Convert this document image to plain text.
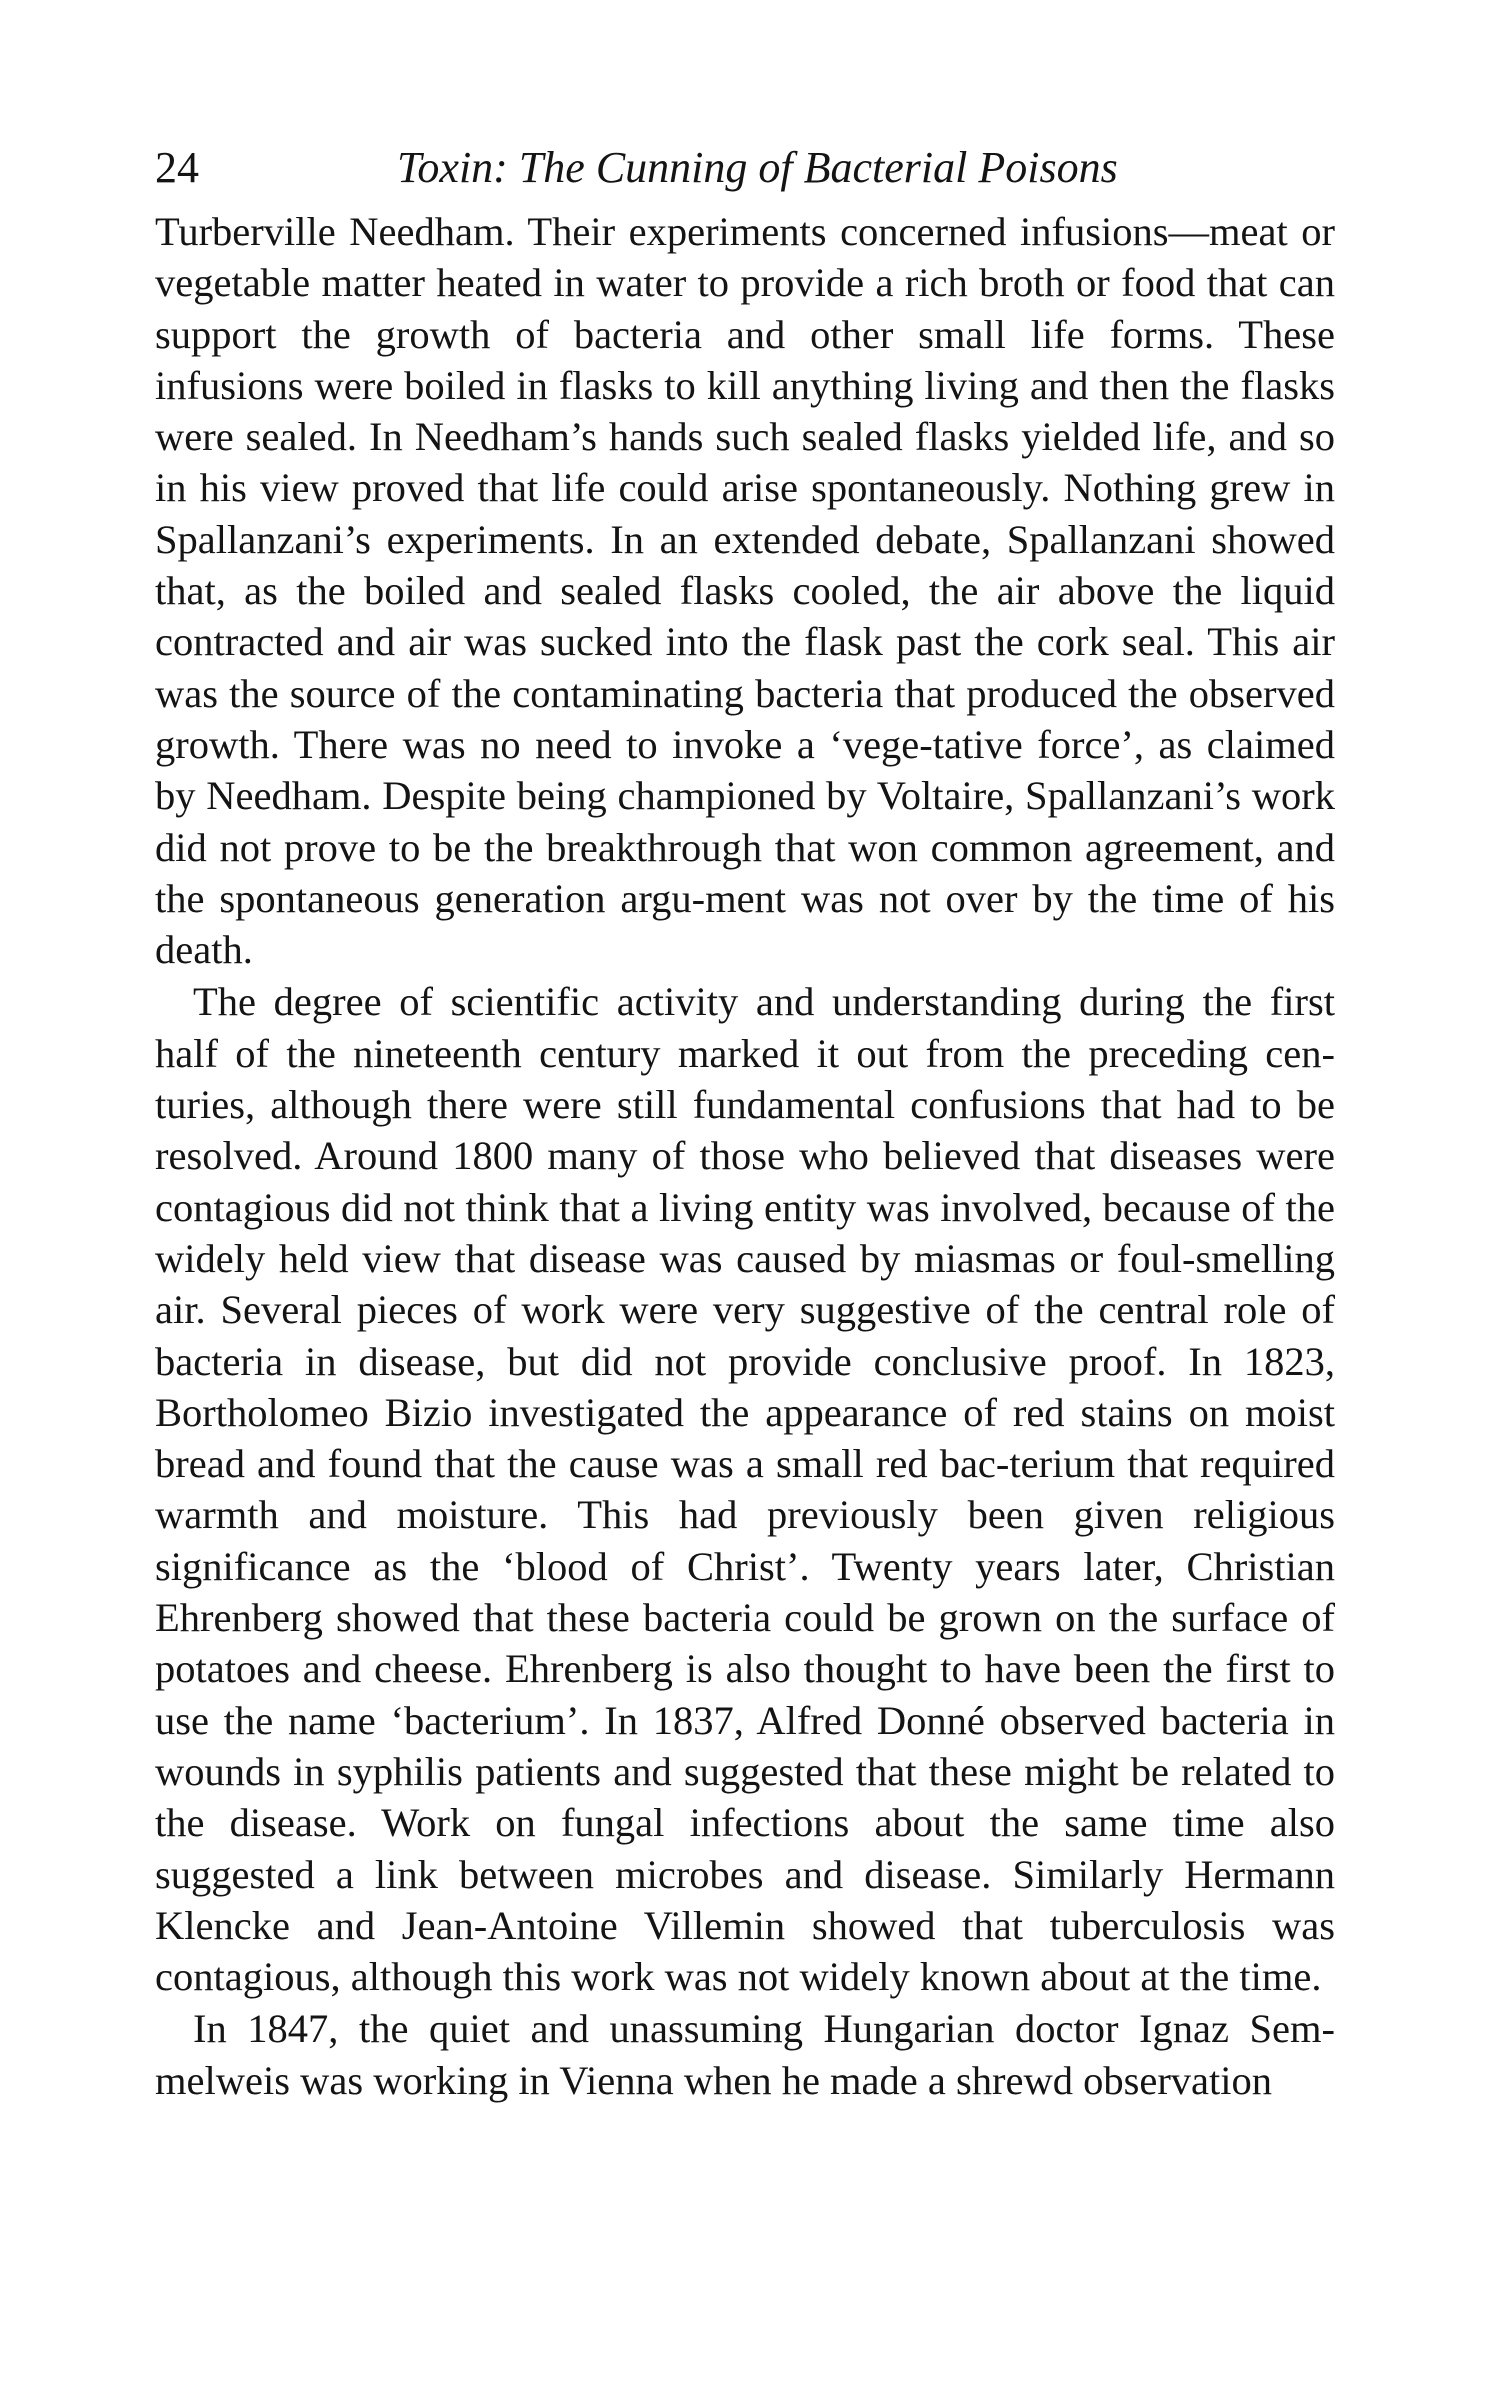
24	Toxin: The Cunning of Bacterial Poisons

Turberville Needham. Their experiments concerned infusions—meat or vegetable matter heated in water to provide a rich broth or food that can support the growth of bacteria and other small life forms. These infusions were boiled in flasks to kill anything living and then the flasks were sealed. In Needham’s hands such sealed flasks yielded life, and so in his view proved that life could arise spontaneously. Nothing grew in Spallanzani’s experiments. In an extended debate, Spallanzani showed that, as the boiled and sealed flasks cooled, the air above the liquid contracted and air was sucked into the flask past the cork seal. This air was the source of the contaminating bacteria that produced the observed growth. There was no need to invoke a ‘vege-tative force’, as claimed by Needham. Despite being championed by Voltaire, Spallanzani’s work did not prove to be the breakthrough that won common agreement, and the spontaneous generation argu-ment was not over by the time of his death.

The degree of scientific activity and understanding during the first half of the nineteenth century marked it out from the preceding cen-turies, although there were still fundamental confusions that had to be resolved. Around 1800 many of those who believed that diseases were contagious did not think that a living entity was involved, because of the widely held view that disease was caused by miasmas or foul-smelling air. Several pieces of work were very suggestive of the central role of bacteria in disease, but did not provide conclusive proof. In 1823, Bortholomeo Bizio investigated the appearance of red stains on moist bread and found that the cause was a small red bac-terium that required warmth and moisture. This had previously been given religious significance as the ‘blood of Christ’. Twenty years later, Christian Ehrenberg showed that these bacteria could be grown on the surface of potatoes and cheese. Ehrenberg is also thought to have been the first to use the name ‘bacterium’. In 1837, Alfred Donné observed bacteria in wounds in syphilis patients and suggested that these might be related to the disease. Work on fungal infections about the same time also suggested a link between microbes and disease. Similarly Hermann Klencke and Jean-Antoine Villemin showed that tuberculosis was contagious, although this work was not widely known about at the time.

In 1847, the quiet and unassuming Hungarian doctor Ignaz Sem-melweis was working in Vienna when he made a shrewd observation
